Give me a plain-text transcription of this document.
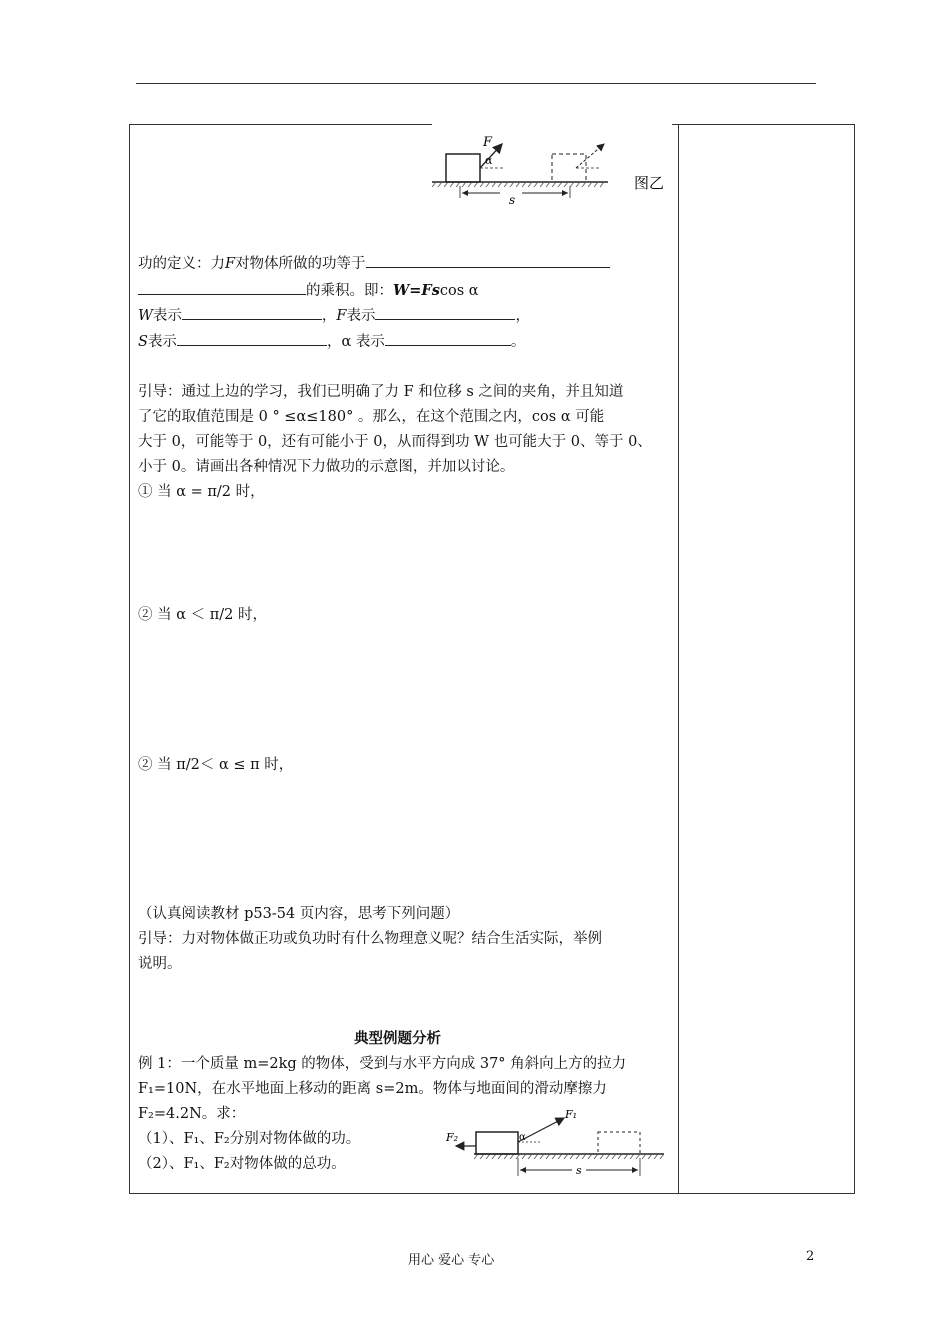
F
α
s
图乙
功的定义：力F对物体所做的功等于
的乘积。即：W=Fscos α
W表示	，F表示	，
S表示	，α 表示	。
引导：通过上边的学习，我们已明确了力 F 和位移 s 之间的夹角，并且知道
了它的取值范围是 0 ° ≤α≤180° 。那么，在这个范围之内，cos α 可能
大于 0，可能等于 0，还有可能小于 0，从而得到功 W 也可能大于 0、等于 0、
小于 0。请画出各种情况下力做功的示意图，并加以讨论。
① 当 α = π/2 时，
② 当 α ＜ π/2 时，
② 当 π/2＜ α ≤ π 时，
（认真阅读教材 p53-54 页内容，思考下列问题）
引导：力对物体做正功或负功时有什么物理意义呢？结合生活实际，举例
说明。
典型例题分析
例 1：一个质量 m=2kg 的物体，受到与水平方向成 37° 角斜向上方的拉力
F₁=10N，在水平地面上移动的距离 s=2m。物体与地面间的滑动摩擦力
F₂=4.2N。求：
（1）、F₁、F₂分别对物体做的功。
（2）、F₁、F₂对物体做的总功。
F₂
F₁
α
s
用心 爱心 专心	2
